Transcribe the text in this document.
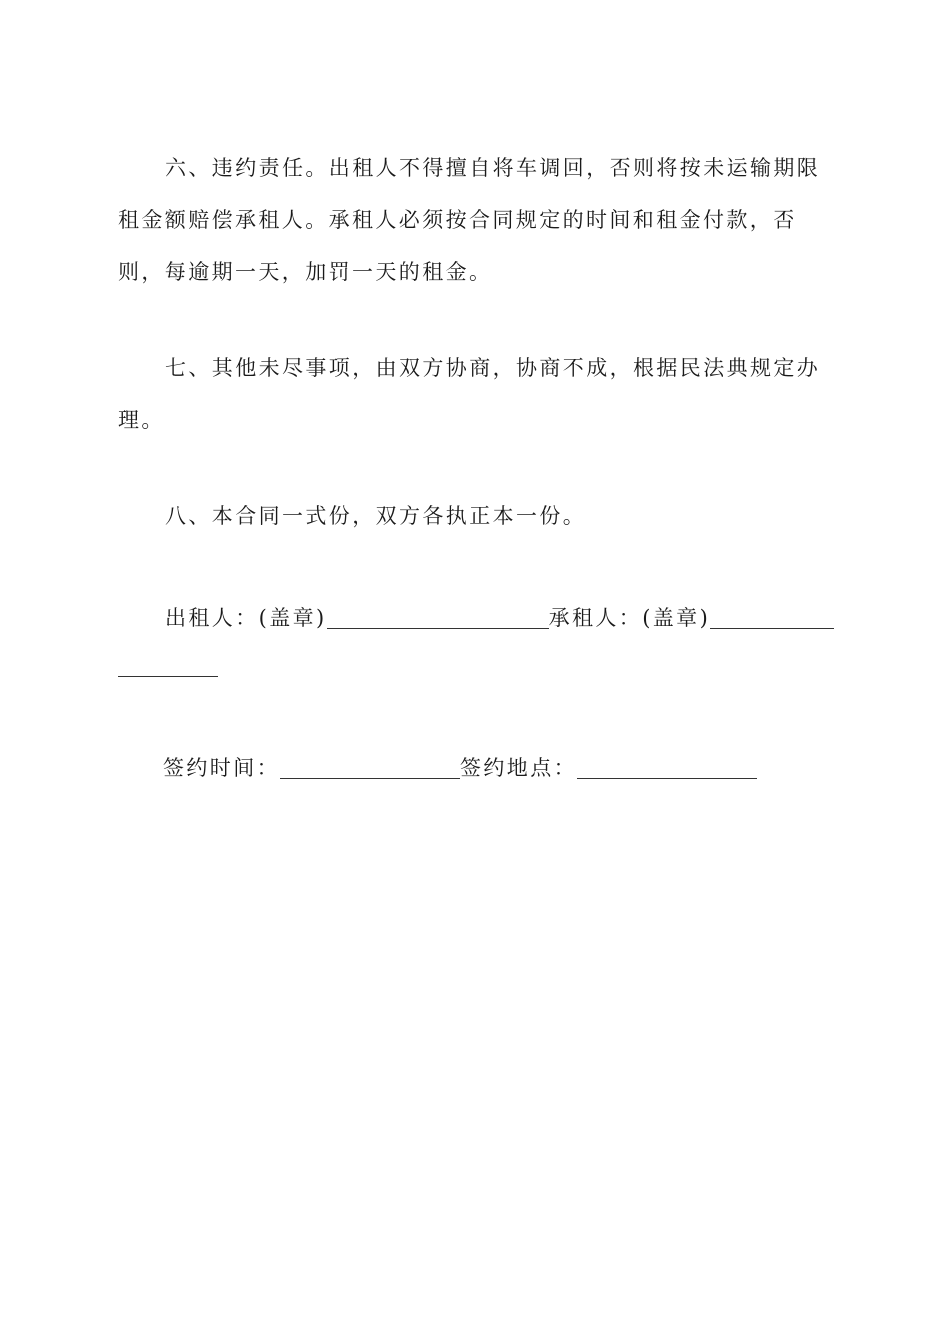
六、违约责任。出租人不得擅自将车调回，否则将按未运输期限租金额赔偿承租人。承租人必须按合同规定的时间和租金付款，否则，每逾期一天，加罚一天的租金。

七、其他未尽事项，由双方协商，协商不成，根据民法典规定办理。

八、本合同一式份，双方各执正本一份。

出租人：(盖章)	承租人：(盖章)
签约时间：	签约地点：
